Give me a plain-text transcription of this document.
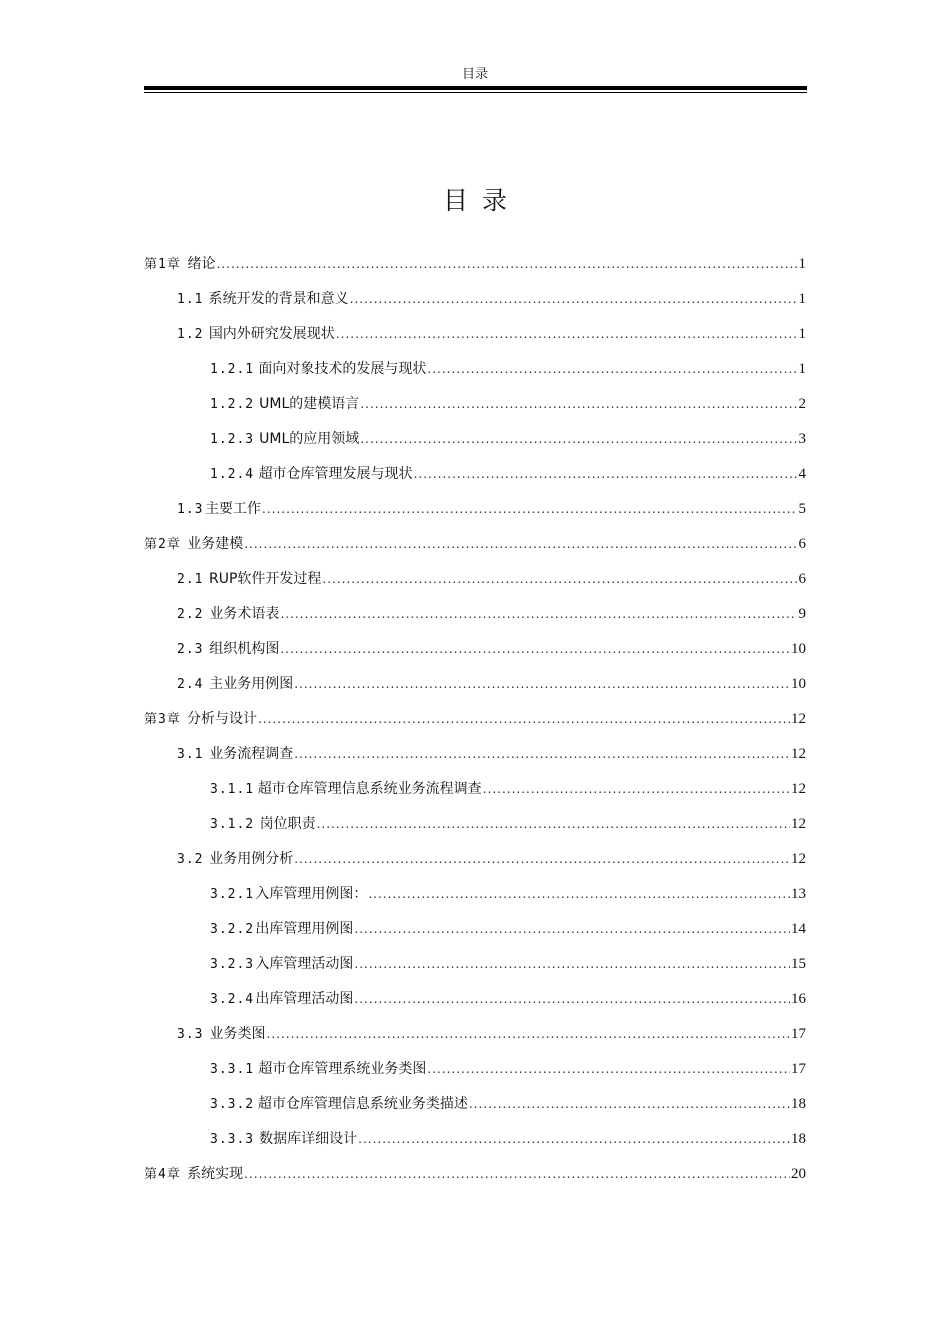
目录
目录
第1章 绪论 .....	1
1.1 系统开发的背景和意义 .....	1
1.2 国内外研究发展现状 .....	1
1.2.1 面向对象技术的发展与现状 .....	1
1.2.2 UML的建模语言 .....	2
1.2.3 UML的应用领域 .....	3
1.2.4 超市仓库管理发展与现状 .....	4
1.3 主要工作 .....	5
第2章 业务建模 .....	6
2.1 RUP软件开发过程 .....	6
2.2 业务术语表 .....	9
2.3 组织机构图 .....	10
2.4 主业务用例图 .....	10
第3章 分析与设计 .....	12
3.1 业务流程调查 .....	12
3.1.1 超市仓库管理信息系统业务流程调查 .....	12
3.1.2 岗位职责 .....	12
3.2 业务用例分析 .....	12
3.2.1 入库管理用例图： .....	13
3.2.2 出库管理用例图 .....	14
3.2.3 入库管理活动图 .....	15
3.2.4 出库管理活动图 .....	16
3.3 业务类图 .....	17
3.3.1 超市仓库管理系统业务类图 .....	17
3.3.2 超市仓库管理信息系统业务类描述 .....	18
3.3.3 数据库详细设计 .....	18
第4章 系统实现 .....	20
